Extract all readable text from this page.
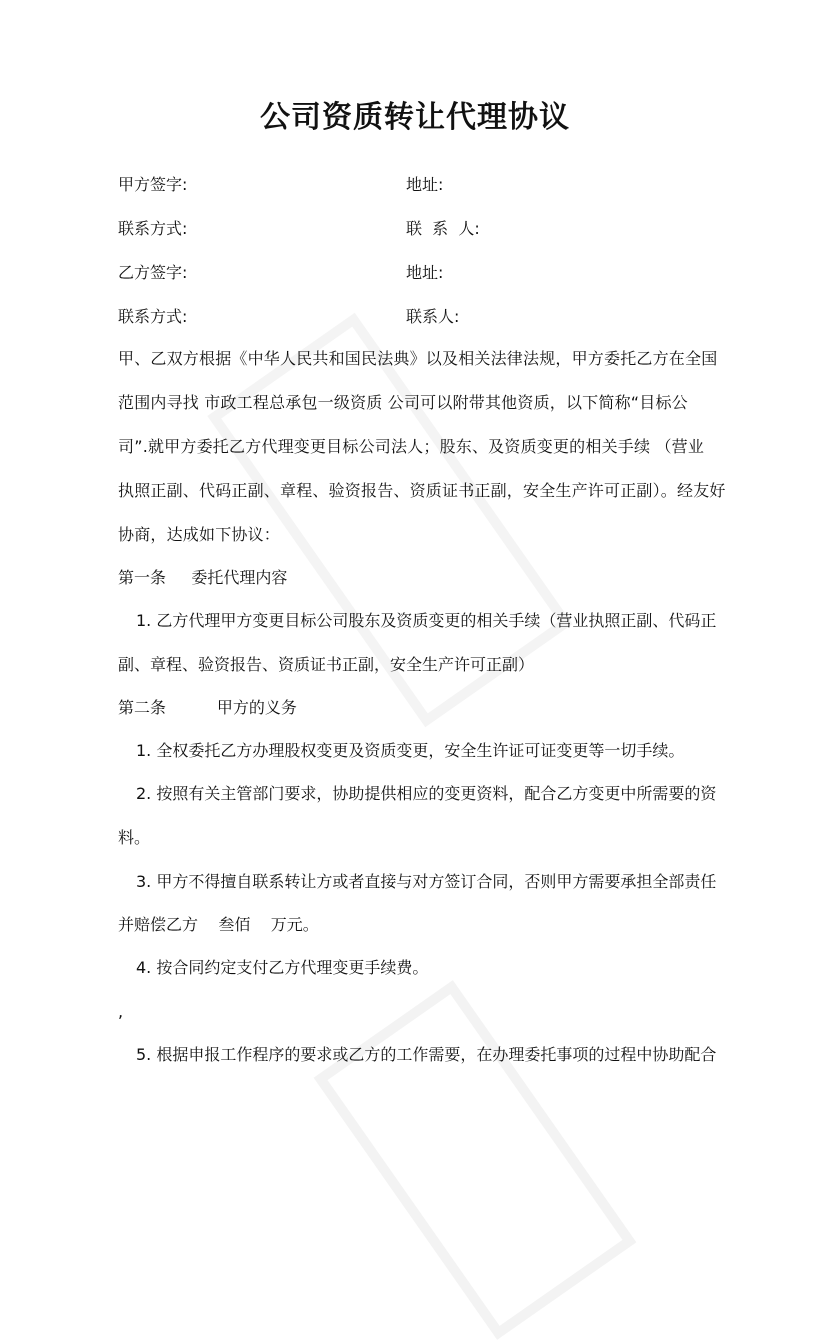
公司资质转让代理协议
甲方签字:	地址:
联系方式:	联  系  人:
乙方签字:	地址:
联系方式:	联系人:
甲、乙双方根据《中华人民共和国民法典》以及相关法律法规，甲方委托乙方在全国
范围内寻找 市政工程总承包一级资质 公司可以附带其他资质，以下简称“目标公
司”.就甲方委托乙方代理变更目标公司法人；股东、及资质变更的相关手续 （营业
执照正副、代码正副、章程、验资报告、资质证书正副，安全生产许可正副）。经友好
协商，达成如下协议：
第一条     委托代理内容
1. 乙方代理甲方变更目标公司股东及资质变更的相关手续（营业执照正副、代码正
副、章程、验资报告、资质证书正副，安全生产许可正副）
第二条          甲方的义务
1. 全权委托乙方办理股权变更及资质变更，安全生许证可证变更等一切手续。
2. 按照有关主管部门要求，协助提供相应的变更资料，配合乙方变更中所需要的资
料。
3. 甲方不得擅自联系转让方或者直接与对方签订合同，否则甲方需要承担全部责任
并赔偿乙方    叁佰    万元。
4. 按合同约定支付乙方代理变更手续费。
,
5. 根据申报工作程序的要求或乙方的工作需要，在办理委托事项的过程中协助配合
